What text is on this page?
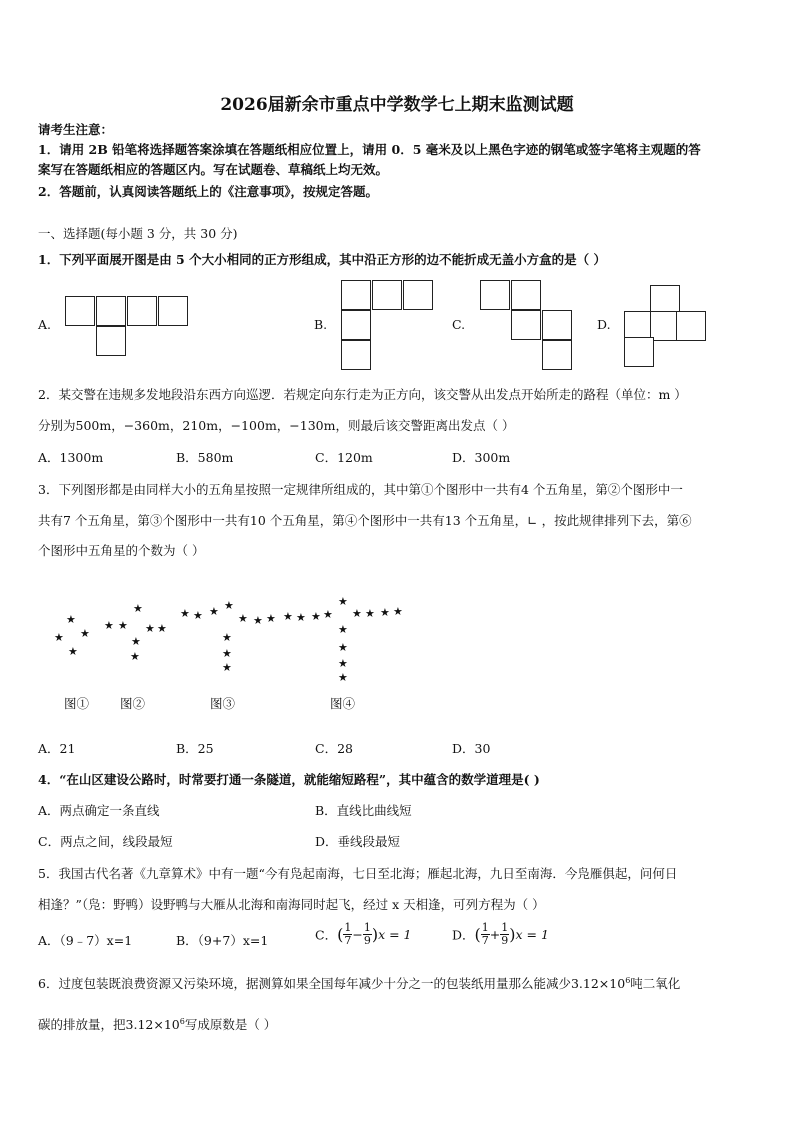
2026届新余市重点中学数学七上期末监测试题
请考生注意：
1．请用 2B 铅笔将选择题答案涂填在答题纸相应位置上，请用 0．5 毫米及以上黑色字迹的钢笔或签字笔将主观题的答
案写在答题纸相应的答题区内。写在试题卷、草稿纸上均无效。
2．答题前，认真阅读答题纸上的《注意事项》，按规定答题。
一、选择题(每小题 3 分，共 30 分)
1．下列平面展开图是由 5 个大小相同的正方形组成，其中沿正方形的边不能折成无盖小方盒的是（ ）
A.	B.	C.	D.
2．某交警在违规多发地段沿东西方向巡逻．若规定向东行走为正方向，该交警从出发点开始所走的路程（单位：m ）
分别为500m，−360m，210m，−100m，−130m，则最后该交警距离出发点（ ）
A．1300m	B．580m	C．120m	D．300m
3．下列图形都是由同样大小的五角星按照一定规律所组成的，其中第①个图形中一共有4 个五角星，第②个图形中一
共有7 个五角星，第③个图形中一共有10 个五角星，第④个图形中一共有13 个五角星，∟ ，按此规律排列下去，第⑥
个图形中五角星的个数为（ ）
★
★ ★
★
★ ★
★
★
★ ★
★
★ ★ ★ ★
★ ★ ★
★
★
★
★ ★ ★ ★
★
★ ★ ★ ★
★
★
★
★
图① 图②	图③	图④
A．21	B．25	C．28	D．30
4．“在山区建设公路时，时常要打通一条隧道，就能缩短路程”，其中蕴含的数学道理是( )
A．两点确定一条直线	B．直线比曲线短
C．两点之间，线段最短	D．垂线段最短
5．我国古代名著《九章算术》中有一题“今有凫起南海，七日至北海；雁起北海，九日至南海．今凫雁俱起，问何日
相逢？”（凫：野鸭）设野鸭与大雁从北海和南海同时起飞，经过 x 天相逢，可列方程为（ ）
A．（9﹣7）x=1	B．（9+7）x=1	C．( $\frac{1}{7} - \frac{1}{9} )x = 1$	D．( $\frac{1}{7} + \frac{1}{9} )x = 1$
6．过度包装既浪费资源又污染环境，据测算如果全国每年减少十分之一的包装纸用量那么能减少$3.12\times 10^6$吨二氧化
碳的排放量，把$3.12\times 10^6$写成原数是（ ）
